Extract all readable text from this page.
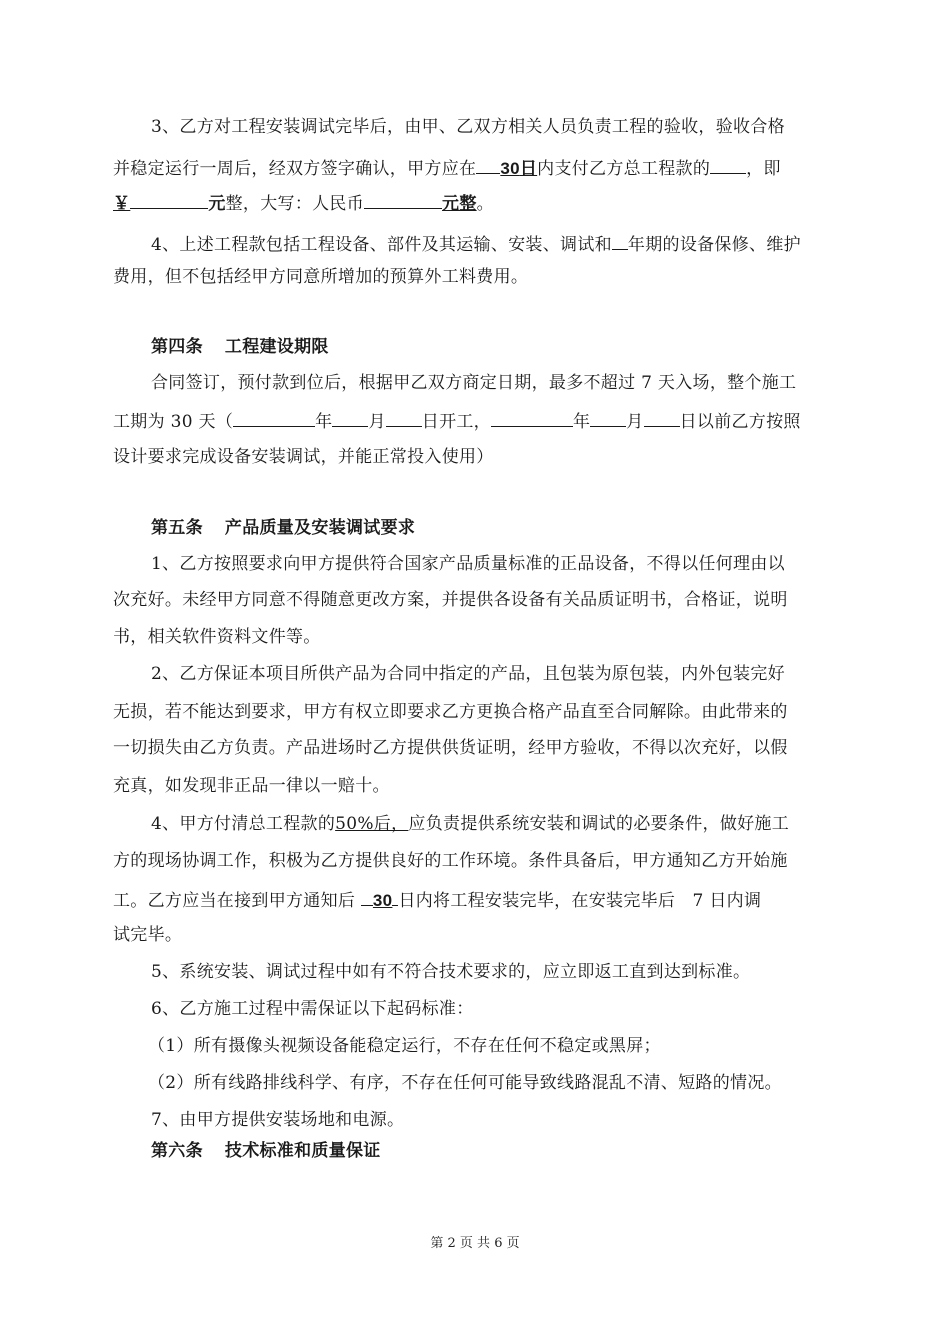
3、乙方对工程安装调试完毕后，由甲、乙双方相关人员负责工程的验收，验收合格
并稳定运行一周后，经双方签字确认，甲方应在 30日内支付乙方总工程款的 ，即
￥	元整，大写：人民币	元整。
4、上述工程款包括工程设备、部件及其运输、安装、调试和 年期的设备保修、维护
费用，但不包括经甲方同意所增加的预算外工料费用。
第四条 工程建设期限
合同签订，预付款到位后，根据甲乙双方商定日期，最多不超过 7 天入场，整个施工
工期为 30 天（	年 月 日开工，	年 月 日以前乙方按照
设计要求完成设备安装调试，并能正常投入使用）
第五条 产品质量及安装调试要求
1、乙方按照要求向甲方提供符合国家产品质量标准的正品设备，不得以任何理由以
次充好。未经甲方同意不得随意更改方案，并提供各设备有关品质证明书，合格证，说明
书，相关软件资料文件等。
2、乙方保证本项目所供产品为合同中指定的产品，且包装为原包装，内外包装完好
无损，若不能达到要求，甲方有权立即要求乙方更换合格产品直至合同解除。由此带来的
一切损失由乙方负责。产品进场时乙方提供供货证明，经甲方验收，不得以次充好，以假
充真，如发现非正品一律以一赔十。
4、甲方付清总工程款的50%后，应负责提供系统安装和调试的必要条件，做好施工
方的现场协调工作，积极为乙方提供良好的工作环境。条件具备后，甲方通知乙方开始施
工。乙方应当在接到甲方通知后 30 日内将工程安装完毕，在安装完毕后　7 日内调
试完毕。
5、系统安装、调试过程中如有不符合技术要求的，应立即返工直到达到标准。
6、乙方施工过程中需保证以下起码标准：
（1）所有摄像头视频设备能稳定运行，不存在任何不稳定或黑屏；
（2）所有线路排线科学、有序，不存在任何可能导致线路混乱不清、短路的情况。
7、由甲方提供安装场地和电源。
第六条 技术标准和质量保证
第 2 页 共 6 页
